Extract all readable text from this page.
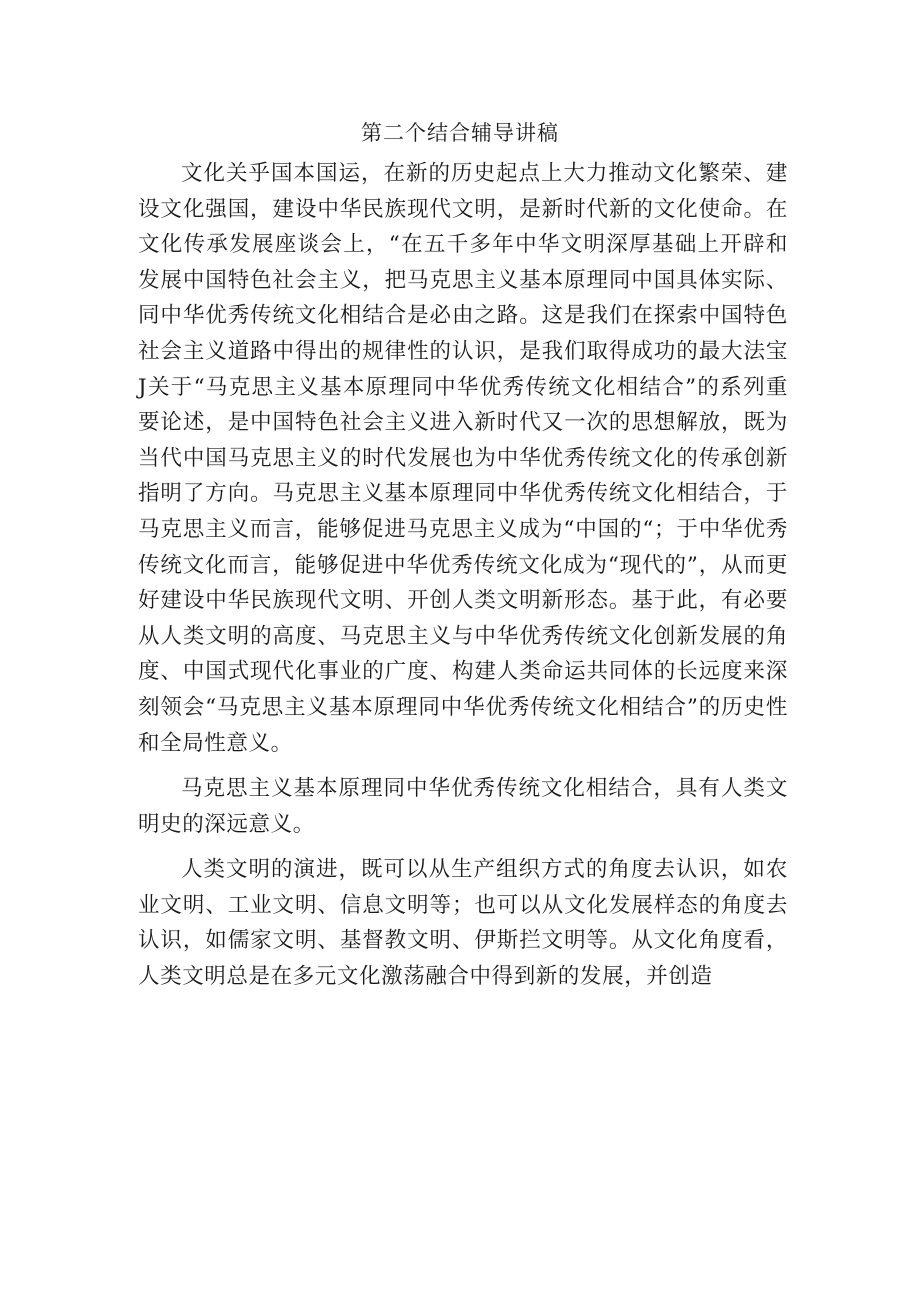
第二个结合辅导讲稿

文化关乎国本国运，在新的历史起点上大力推动文化繁荣、建设文化强国，建设中华民族现代文明，是新时代新的文化使命。在文化传承发展座谈会上，“在五千多年中华文明深厚基础上开辟和发展中国特色社会主义，把马克思主义基本原理同中国具体实际、同中华优秀传统文化相结合是必由之路。这是我们在探索中国特色社会主义道路中得出的规律性的认识，是我们取得成功的最大法宝J关于“马克思主义基本原理同中华优秀传统文化相结合”的系列重要论述，是中国特色社会主义进入新时代又一次的思想解放，既为当代中国马克思主义的时代发展也为中华优秀传统文化的传承创新指明了方向。马克思主义基本原理同中华优秀传统文化相结合，于马克思主义而言，能够促进马克思主义成为“中国的“；于中华优秀传统文化而言，能够促进中华优秀传统文化成为“现代的”，从而更好建设中华民族现代文明、开创人类文明新形态。基于此，有必要从人类文明的高度、马克思主义与中华优秀传统文化创新发展的角度、中国式现代化事业的广度、构建人类命运共同体的长远度来深刻领会“马克思主义基本原理同中华优秀传统文化相结合”的历史性和全局性意义。

马克思主义基本原理同中华优秀传统文化相结合，具有人类文明史的深远意义。

人类文明的演进，既可以从生产组织方式的角度去认识，如农业文明、工业文明、信息文明等；也可以从文化发展样态的角度去认识，如儒家文明、基督教文明、伊斯拦文明等。从文化角度看，人类文明总是在多元文化激荡融合中得到新的发展，并创造
